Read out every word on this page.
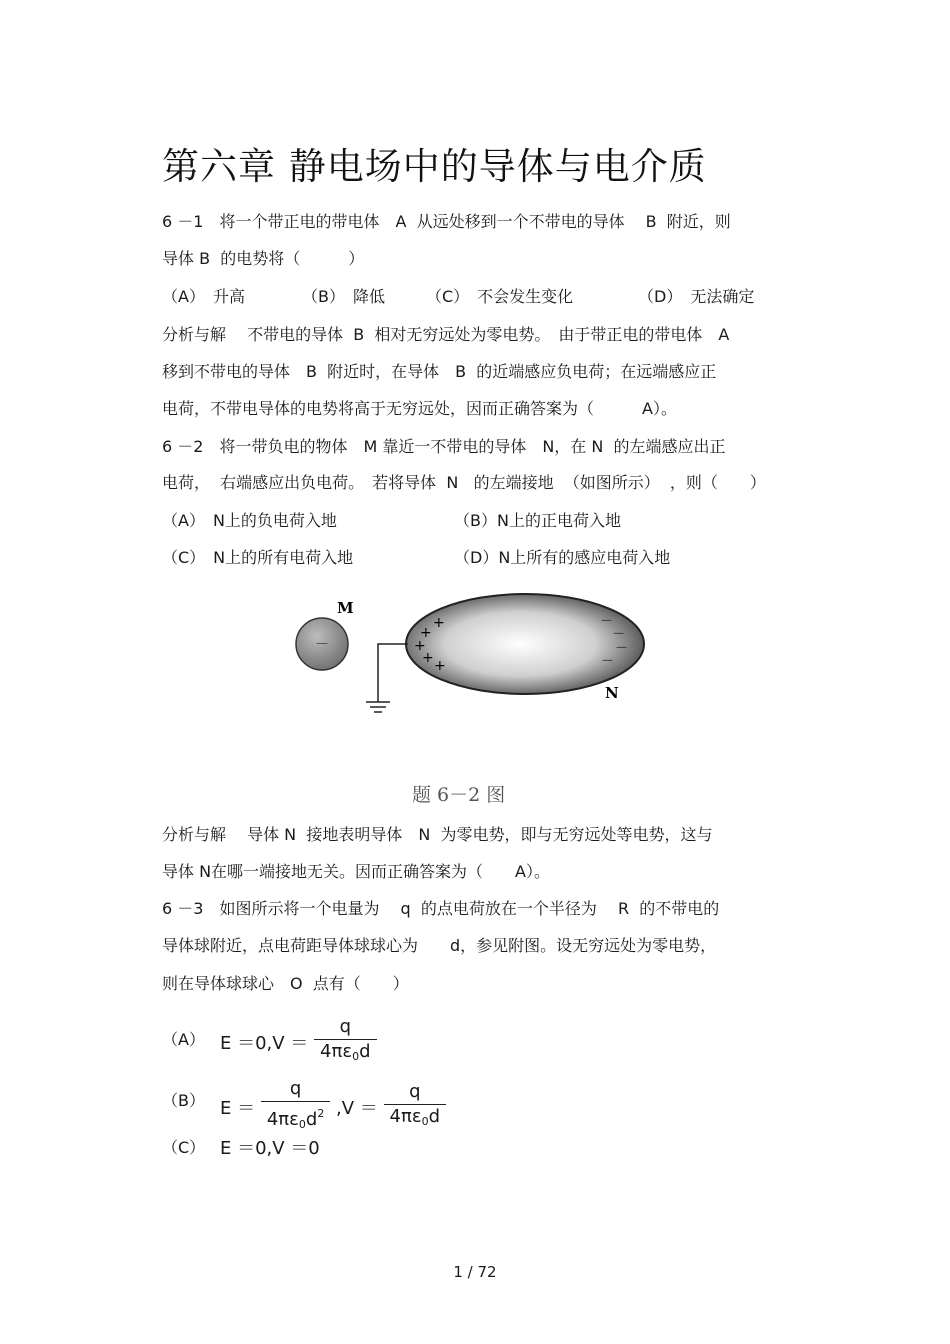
第六章 静电场中的导体与电介质
6 －1　将一个带正电的带电体　A  从远处移到一个不带电的导体　 B  附近，则
导体 B  的电势将（　　　）
（A）　升高	（B）　降低	（C）　不会发生变化	（D）　无法确定
分析与解　 不带电的导体  B  相对无穷远处为零电势。　由于带正电的带电体　A
移到不带电的导体　B  附近时，在导体　B  的近端感应负电荷；在远端感应正
电荷，不带电导体的电势将高于无穷远处，因而正确答案为（　　　A）。
6 －2　将一带负电的物体　M 靠近一不带电的导体　N，在 N  的左端感应出正
电荷，  右端感应出负电荷。　若将导体  N   的左端接地  （如图所示）  ，则（　　）
（A）　N上的负电荷入地	（B）N上的正电荷入地
（C）　N上的所有电荷入地	（D）N上所有的感应电荷入地
M
－
+
+
+
+ +
－
－
－
－
N
题 6－2 图
分析与解　 导体 N  接地表明导体　N  为零电势，即与无穷远处等电势，这与
导体 N在哪一端接地无关。因而正确答案为（　　A）。
6 －3　如图所示将一个电量为　 q  的点电荷放在一个半径为　 R  的不带电的
导体球附近，点电荷距导体球球心为　　d，参见附图。设无穷远处为零电势，
则在导体球球心　O  点有（　　）
（A） $E =0,V = \frac{q}{4\pi\varepsilon_0d}$
（B） $E = \frac{q}{4\pi\varepsilon_0d^2} ,V = \frac{q}{4\pi\varepsilon_0d}$
（C） E ＝0,V ＝0
1 / 72
